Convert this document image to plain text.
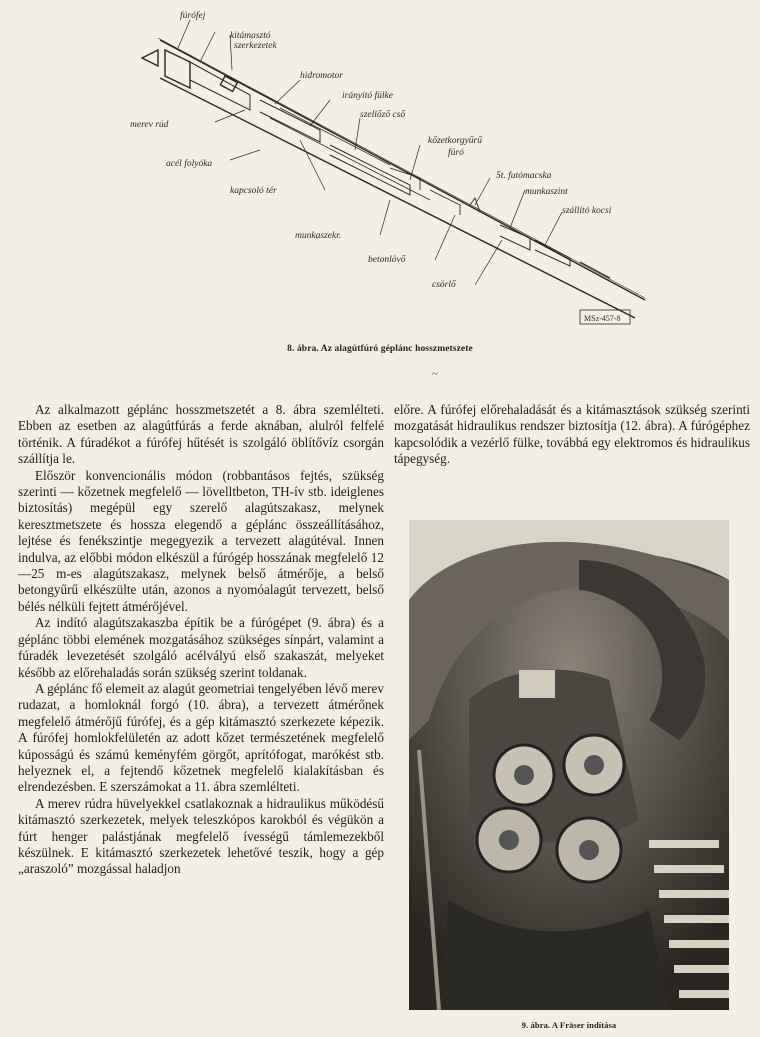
fúrófej
kitámasztó
szerkezetek
hidromotor
irányító fülke
szellőző cső
merev rúd
kőzetkorgyűrű
fúró
acél folyóka
kapcsoló tér
5t. futómacska
munkaszint
szállító kocsi
munkaszekr.
betonlövő
csörlő
MSz-457-8
8. ábra. Az alagútfúró géplánc hosszmetszete
~

Az alkalmazott géplánc hosszmetszetét a 8. ábra szemlélteti. Ebben az esetben az alagútfúrás a ferde aknában, alulról felfelé történik. A fúradékot a fúrófej hűtését is szolgáló öblítővíz csorgán szállítja le.

Először konvencionális módon (robbantásos fejtés, szükség szerinti — kőzetnek megfelelő — lövelltbeton, TH-ív stb. ideiglenes biztosítás) megépül egy szerelő alagútszakasz, melynek keresztmetszete és hossza elegendő a géplánc összeállításához, lejtése és fenékszintje megegyezik a tervezett alagútéval. Innen indulva, az előbbi módon elkészül a fúrógép hosszának megfelelő 12—25 m-es alagútszakasz, melynek belső átmérője, a belső betongyűrű elkészülte után, azonos a nyomóalagút tervezett, belső bélés nélküli fejtett átmérőjével.

Az indító alagútszakaszba építik be a fúrógépet (9. ábra) és a géplánc többi elemének mozgatásához szükséges sínpárt, valamint a fúradék levezetését szolgáló acélvályú első szakaszát, melyeket később az előrehaladás során szükség szerint toldanak.

A géplánc fő elemeit az alagút geometriai tengelyében lévő merev rudazat, a homloknál forgó (10. ábra), a tervezett átmérőnek megfelelő átmérőjű fúrófej, és a gép kitámasztó szerkezete képezik. A fúrófej homlokfelületén az adott kőzet természetének megfelelő kúposságú és számú keményfém görgőt, aprítófogat, marókést stb. helyeznek el, a fejtendő kőzetnek megfelelő kialakításban és elrendezésben. E szerszámokat a 11. ábra szemlélteti.

A merev rúdra hüvelyekkel csatlakoznak a hidraulikus működésű kitámasztó szerkezetek, melyek teleszkópos karokból és végükön a fúrt henger palástjának megfelelő ívességű támlemezekből készülnek. E kitámasztó szerkezetek lehetővé teszik, hogy a gép „araszoló” mozgással haladjon

előre. A fúrófej előrehaladását és a kitámasztások szükség szerinti mozgatását hidraulikus rendszer biztosítja (12. ábra). A fúrógéphez kapcsolódik a vezérlő fülke, továbbá egy elektromos és hidraulikus tápegység.

9. ábra. A Fräser indítása
